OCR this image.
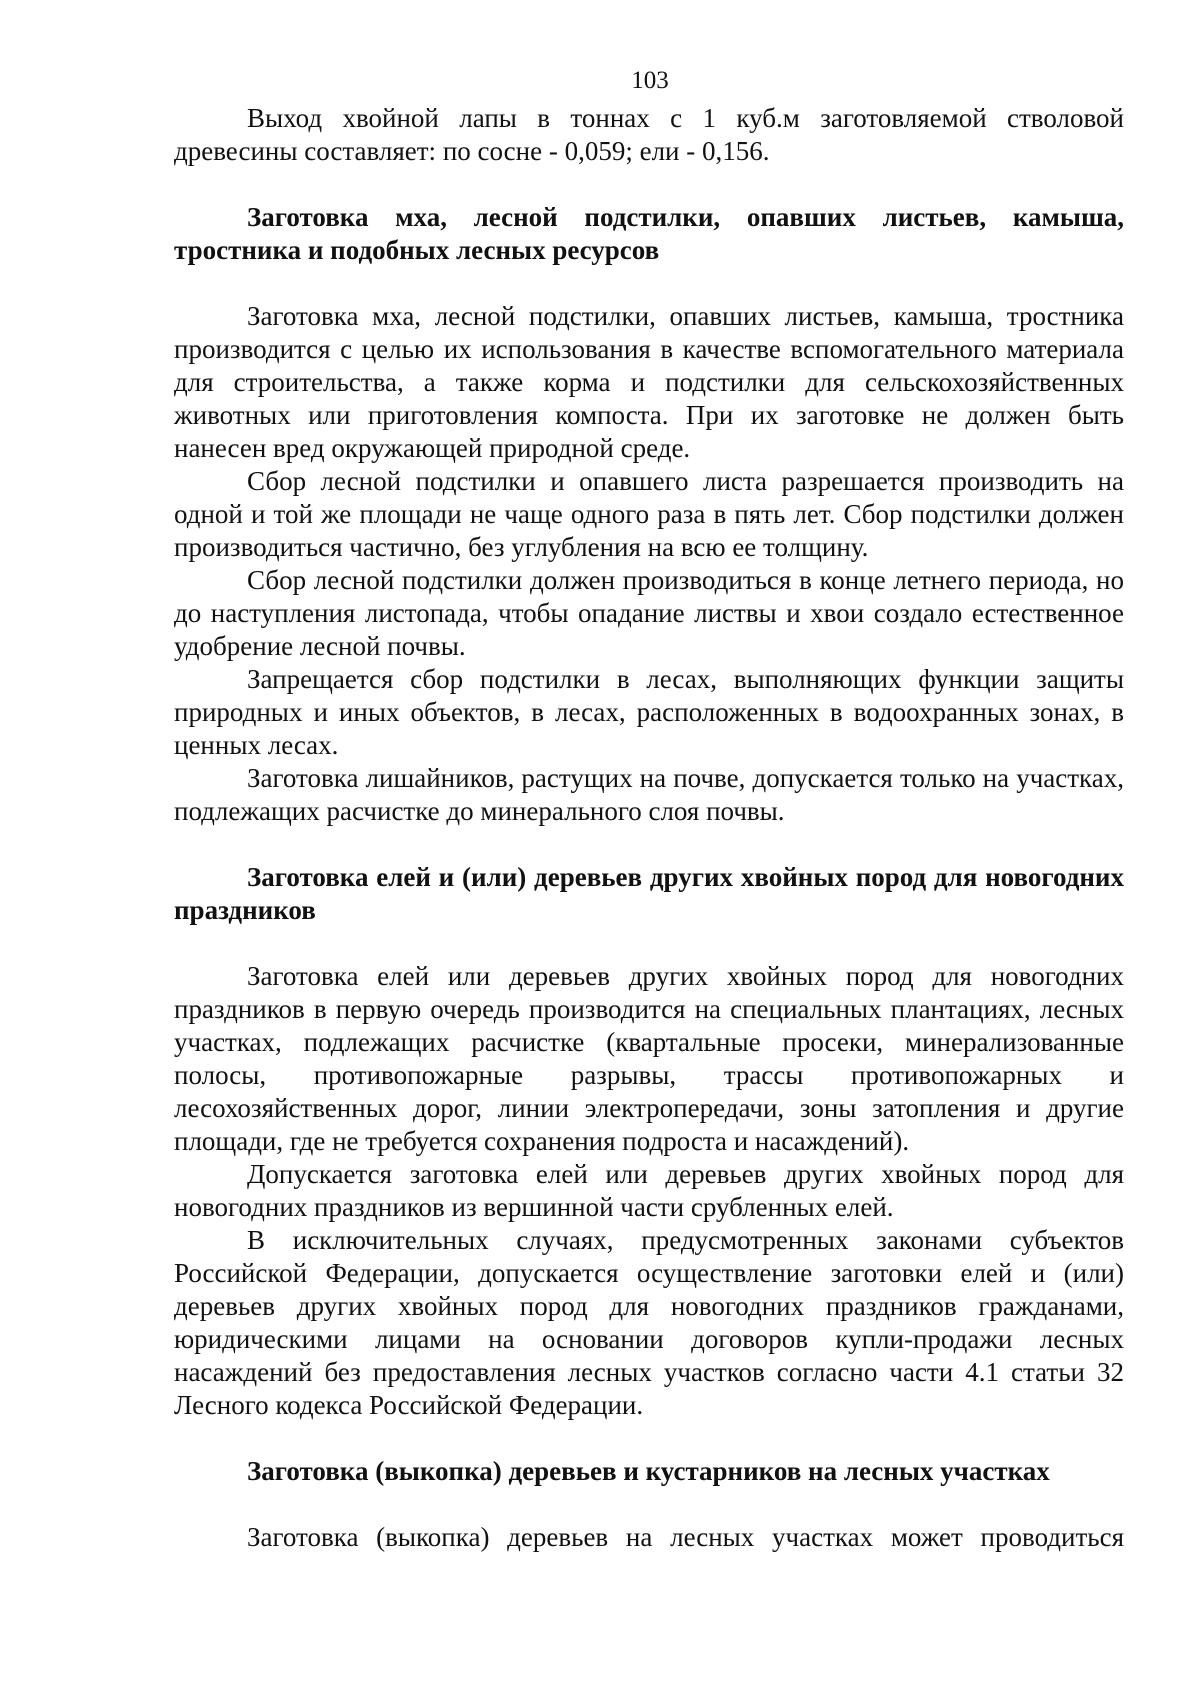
103

Выход хвойной лапы в тоннах с 1 куб.м заготовляемой стволовой древесины составляет: по сосне - 0,059; ели - 0,156.

Заготовка мха, лесной подстилки, опавших листьев, камыша, тростника и подобных лесных ресурсов

Заготовка мха, лесной подстилки, опавших листьев, камыша, тростника производится с целью их использования в качестве вспомогательного материала для строительства, а также корма и подстилки для сельскохозяйственных животных или приготовления компоста. При их заготовке не должен быть нанесен вред окружающей природной среде.

Сбор лесной подстилки и опавшего листа разрешается производить на одной и той же площади не чаще одного раза в пять лет. Сбор подстилки должен производиться частично, без углубления на всю ее толщину.

Сбор лесной подстилки должен производиться в конце летнего периода, но до наступления листопада, чтобы опадание листвы и хвои создало естественное удобрение лесной почвы.

Запрещается сбор подстилки в лесах, выполняющих функции защиты природных и иных объектов, в лесах, расположенных в водоохранных зонах, в ценных лесах.

Заготовка лишайников, растущих на почве, допускается только на участках, подлежащих расчистке до минерального слоя почвы.

Заготовка елей и (или) деревьев других хвойных пород для новогодних праздников

Заготовка елей или деревьев других хвойных пород для новогодних праздников в первую очередь производится на специальных плантациях, лесных участках, подлежащих расчистке (квартальные просеки, минерализованные полосы, противопожарные разрывы, трассы противопожарных и лесохозяйственных дорог, линии электропередачи, зоны затопления и другие площади, где не требуется сохранения подроста и насаждений).

Допускается заготовка елей или деревьев других хвойных пород для новогодних праздников из вершинной части срубленных елей.

В исключительных случаях, предусмотренных законами субъектов Российской Федерации, допускается осуществление заготовки елей и (или) деревьев других хвойных пород для новогодних праздников гражданами, юридическими лицами на основании договоров купли-продажи лесных насаждений без предоставления лесных участков согласно части 4.1 статьи 32 Лесного кодекса Российской Федерации.

Заготовка (выкопка) деревьев и кустарников на лесных участках

Заготовка (выкопка) деревьев на лесных участках может проводиться
